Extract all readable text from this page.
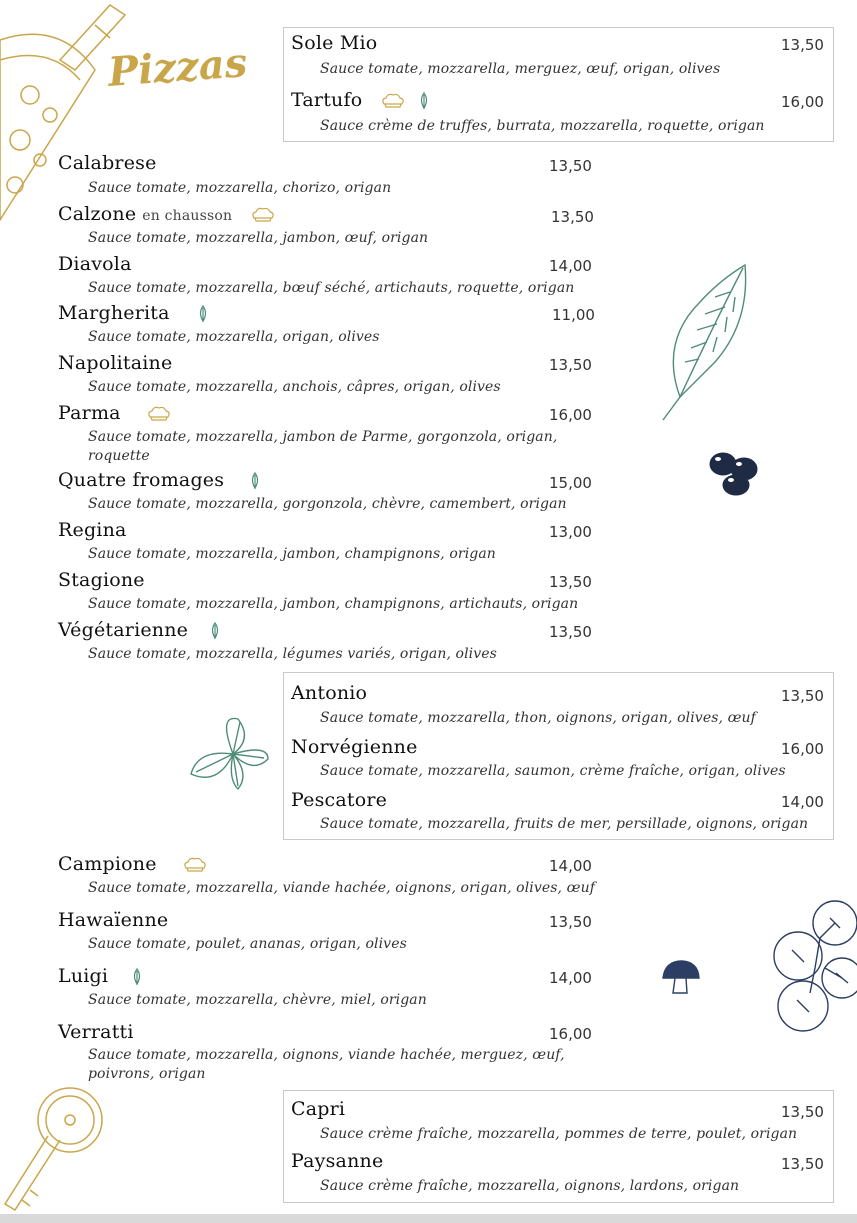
Pizzas Sole Mio	13,50
Sauce tomate, mozzarella, merguez, œuf, origan, olives
Tartufo	16,00
Sauce crème de truffes, burrata, mozzarella, roquette, origan
Calabrese	13,50
Sauce tomate, mozzarella, chorizo, origan
Calzone en chausson	13,50
Sauce tomate, mozzarella, jambon, œuf, origan
Diavola	14,00
Sauce tomate, mozzarella, bœuf séché, artichauts, roquette, origan
Margherita	11,00
Sauce tomate, mozzarella, origan, olives
Napolitaine	13,50
Sauce tomate, mozzarella, anchois, câpres, origan, olives
Parma	16,00
Sauce tomate, mozzarella, jambon de Parme, gorgonzola, origan, roquette
Quatre fromages	15,00
Sauce tomate, mozzarella, gorgonzola, chèvre, camembert, origan
Regina	13,00
Sauce tomate, mozzarella, jambon, champignons, origan
Stagione	13,50
Sauce tomate, mozzarella, jambon, champignons, artichauts, origan
Végétarienne	13,50
Sauce tomate, mozzarella, légumes variés, origan, olives
Antonio	13,50
Sauce tomate, mozzarella, thon, oignons, origan, olives, œuf
Norvégienne	16,00
Sauce tomate, mozzarella, saumon, crème fraîche, origan, olives
Pescatore	14,00
Sauce tomate, mozzarella, fruits de mer, persillade, oignons, origan
Campione	14,00
Sauce tomate, mozzarella, viande hachée, oignons, origan, olives, œuf
Hawaïenne	13,50
Sauce tomate, poulet, ananas, origan, olives
Luigi	14,00
Sauce tomate, mozzarella, chèvre, miel, origan
Verratti	16,00
Sauce tomate, mozzarella, oignons, viande hachée, merguez, œuf, poivrons, origan
Capri	13,50
Sauce crème fraîche, mozzarella, pommes de terre, poulet, origan
Paysanne	13,50
Sauce crème fraîche, mozzarella, oignons, lardons, origan
